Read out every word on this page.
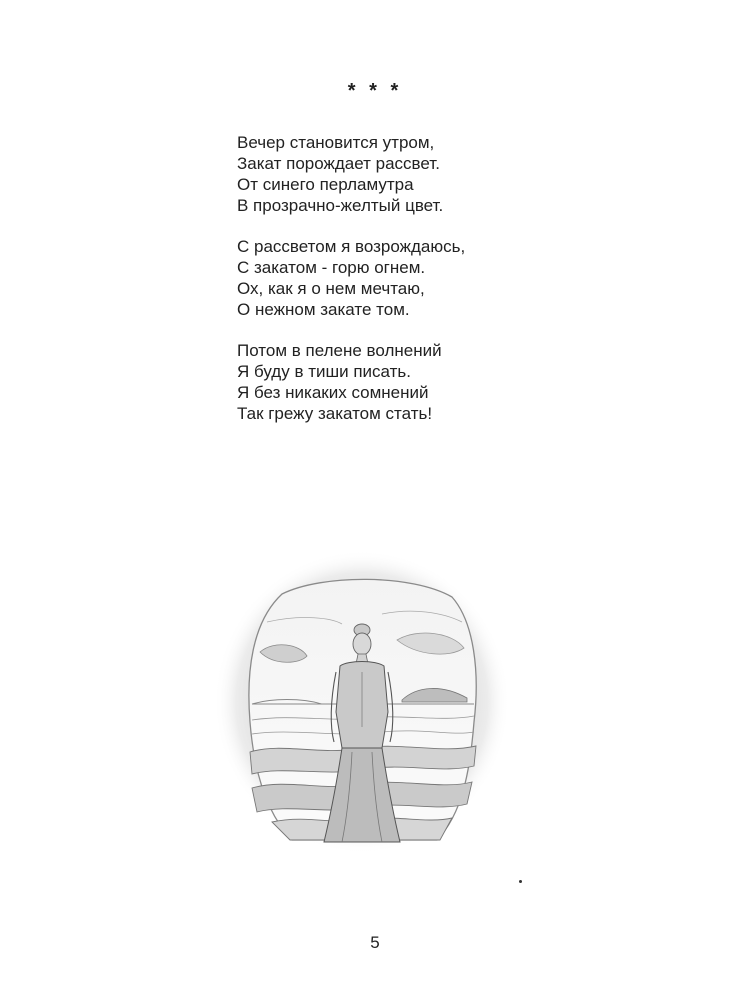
* * *
Вечер становится утром,
Закат порождает рассвет.
От синего перламутра
В прозрачно-желтый цвет.
С рассветом я возрождаюсь,
С закатом - горю огнем.
Ох, как я о нем мечтаю,
О нежном закате том.
Потом в пелене волнений
Я буду в тиши писать.
Я без никаких сомнений
Так грежу закатом стать!
5
